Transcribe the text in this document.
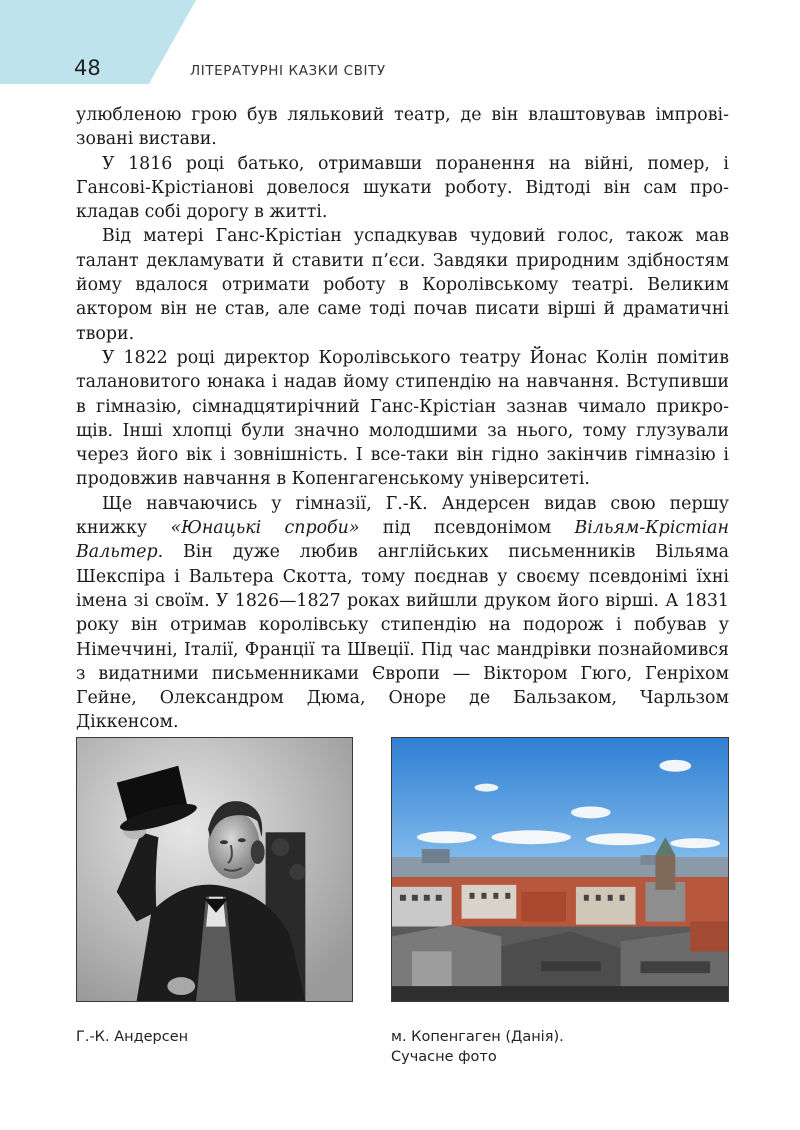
48	ЛІТЕРАТУРНІ КАЗКИ СВІТУ

улюбленою грою був ляльковий театр, де він влаштовував імпровізовані вистави.

У 1816 році батько, отримавши поранення на війні, помер, і Гансові-Крістіанові довелося шукати роботу. Відтоді він сам прокладав собі дорогу в житті.

Від матері Ганс-Крістіан успадкував чудовий голос, також мав талант декламувати й ставити п’єси. Завдяки природним здібностям йому вдалося отримати роботу в Королівському театрі. Великим актором він не став, але саме тоді почав писати вірші й драматичні твори.

У 1822 році директор Королівського театру Йонас Колін помітив талановитого юнака і надав йому стипендію на навчання. Вступивши в гімназію, сімнадцятирічний Ганс-Крістіан зазнав чимало прикрощів. Інші хлопці були значно молодшими за нього, тому глузували через його вік і зовнішність. І все-таки він гідно закінчив гімназію і продовжив навчання в Копенгагенському університеті.

Ще навчаючись у гімназії, Г.-К. Андерсен видав свою першу книжку «Юнацькі спроби» під псевдонімом Вільям-Крістіан Вальтер. Він дуже любив англійських письменників Вільяма Шекспіра і Вальтера Скотта, тому поєднав у своєму псевдонімі їхні імена зі своїм. У 1826—1827 роках вийшли друком його вірші. А 1831 року він отримав королівську стипендію на подорож і побував у Німеччині, Італії, Франції та Швеції. Під час мандрівки познайомився з видатними письменниками Європи — Віктором Гюго, Генріхом Гейне, Олександром Дюма, Оноре де Бальзаком, Чарльзом Діккенсом.

Г.-К. Андерсен	м. Копенгаген (Данія).
Сучасне фото
